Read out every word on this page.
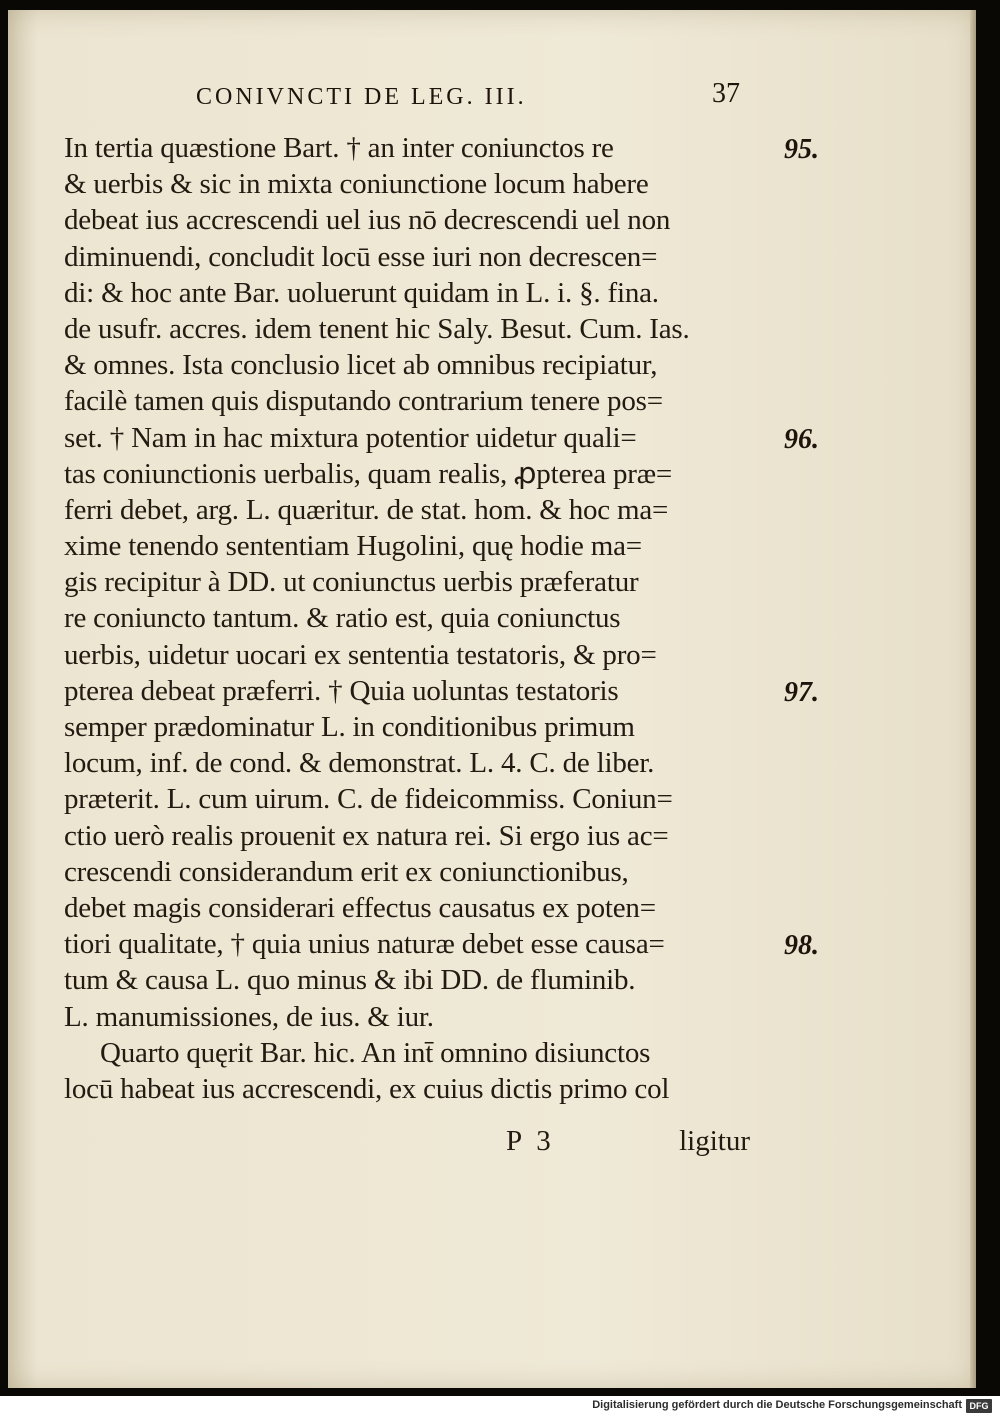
CONIVNCTI DE LEG. III.	37
In tertia quæstione Bart. † an inter coniunctos re
& uerbis & sic in mixta coniunctione locum habere
debeat ius accrescendi uel ius nō decrescendi uel non
diminuendi, concludit locū esse iuri non decrescen=
di: & hoc ante Bar. uoluerunt quidam in L. i. §. fina.
de usufr. accres. idem tenent hic Saly. Besut. Cum. Ias.
& omnes. Ista conclusio licet ab omnibus recipiatur,
facilè tamen quis disputando contrarium tenere pos=
set. † Nam in hac mixtura potentior uidetur quali=
tas coniunctionis uerbalis, quam realis, ꝓpterea præ=
ferri debet, arg. L. quæritur. de stat. hom. & hoc ma=
xime tenendo sententiam Hugolini, quę hodie ma=
gis recipitur à DD. ut coniunctus uerbis præferatur
re coniuncto tantum. & ratio est, quia coniunctus
uerbis, uidetur uocari ex sententia testatoris, & pro=
pterea debeat præferri. † Quia uoluntas testatoris
semper prædominatur L. in conditionibus primum
locum, inf. de cond. & demonstrat. L. 4. C. de liber.
præterit. L. cum uirum. C. de fideicommiss. Coniun=
ctio uerò realis prouenit ex natura rei. Si ergo ius ac=
crescendi considerandum erit ex coniunctionibus,
debet magis considerari effectus causatus ex poten=
tiori qualitate, † quia unius naturæ debet esse causa=
tum & causa L. quo minus & ibi DD. de fluminib.
L. manumissiones, de ius. & iur.
Quarto quęrit Bar. hic. An int̄ omnino disiunctos
locū habeat ius accrescendi, ex cuius dictis primo col
95.
96.
97.
98.
P 3	ligitur
Digitalisierung gefördert durch die Deutsche Forschungsgemeinschaft DFG
